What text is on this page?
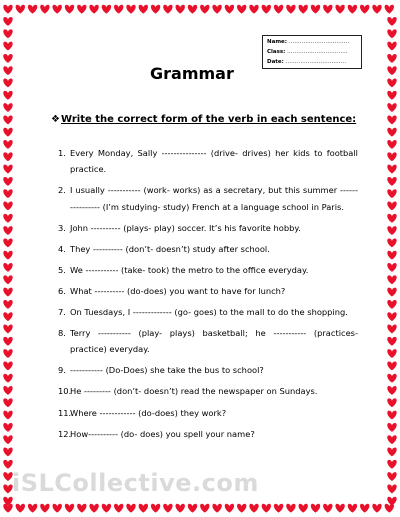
Name: ……………………………
Class: ……………………………
Date: ……………………………
Grammar
❖ Write the correct form of the verb in each sentence:
1. Every Monday, Sally --------------- (drive- drives) her kids to football practice.
2. I usually ----------- (work- works) as a secretary, but this summer ---------------- (I’m studying- study) French at a language school in Paris.
3. John ---------- (plays- play) soccer. It’s his favorite hobby.
4. They ---------- (don’t- doesn’t) study after school.
5. We ----------- (take- took) the metro to the office everyday.
6. What ---------- (do-does) you want to have for lunch?
7. On Tuesdays, I ------------- (go- goes) to the mall to do the shopping.
8. Terry ----------- (play- plays) basketball; he ----------- (practices- practice) everyday.
9. ----------- (Do-Does) she take the bus to school?
10.
He --------- (don’t- doesn’t) read the newspaper on Sundays.
11.
Where ------------ (do-does) they work?
12.
How---------- (do- does) you spell your name?
iSLCollective.com
